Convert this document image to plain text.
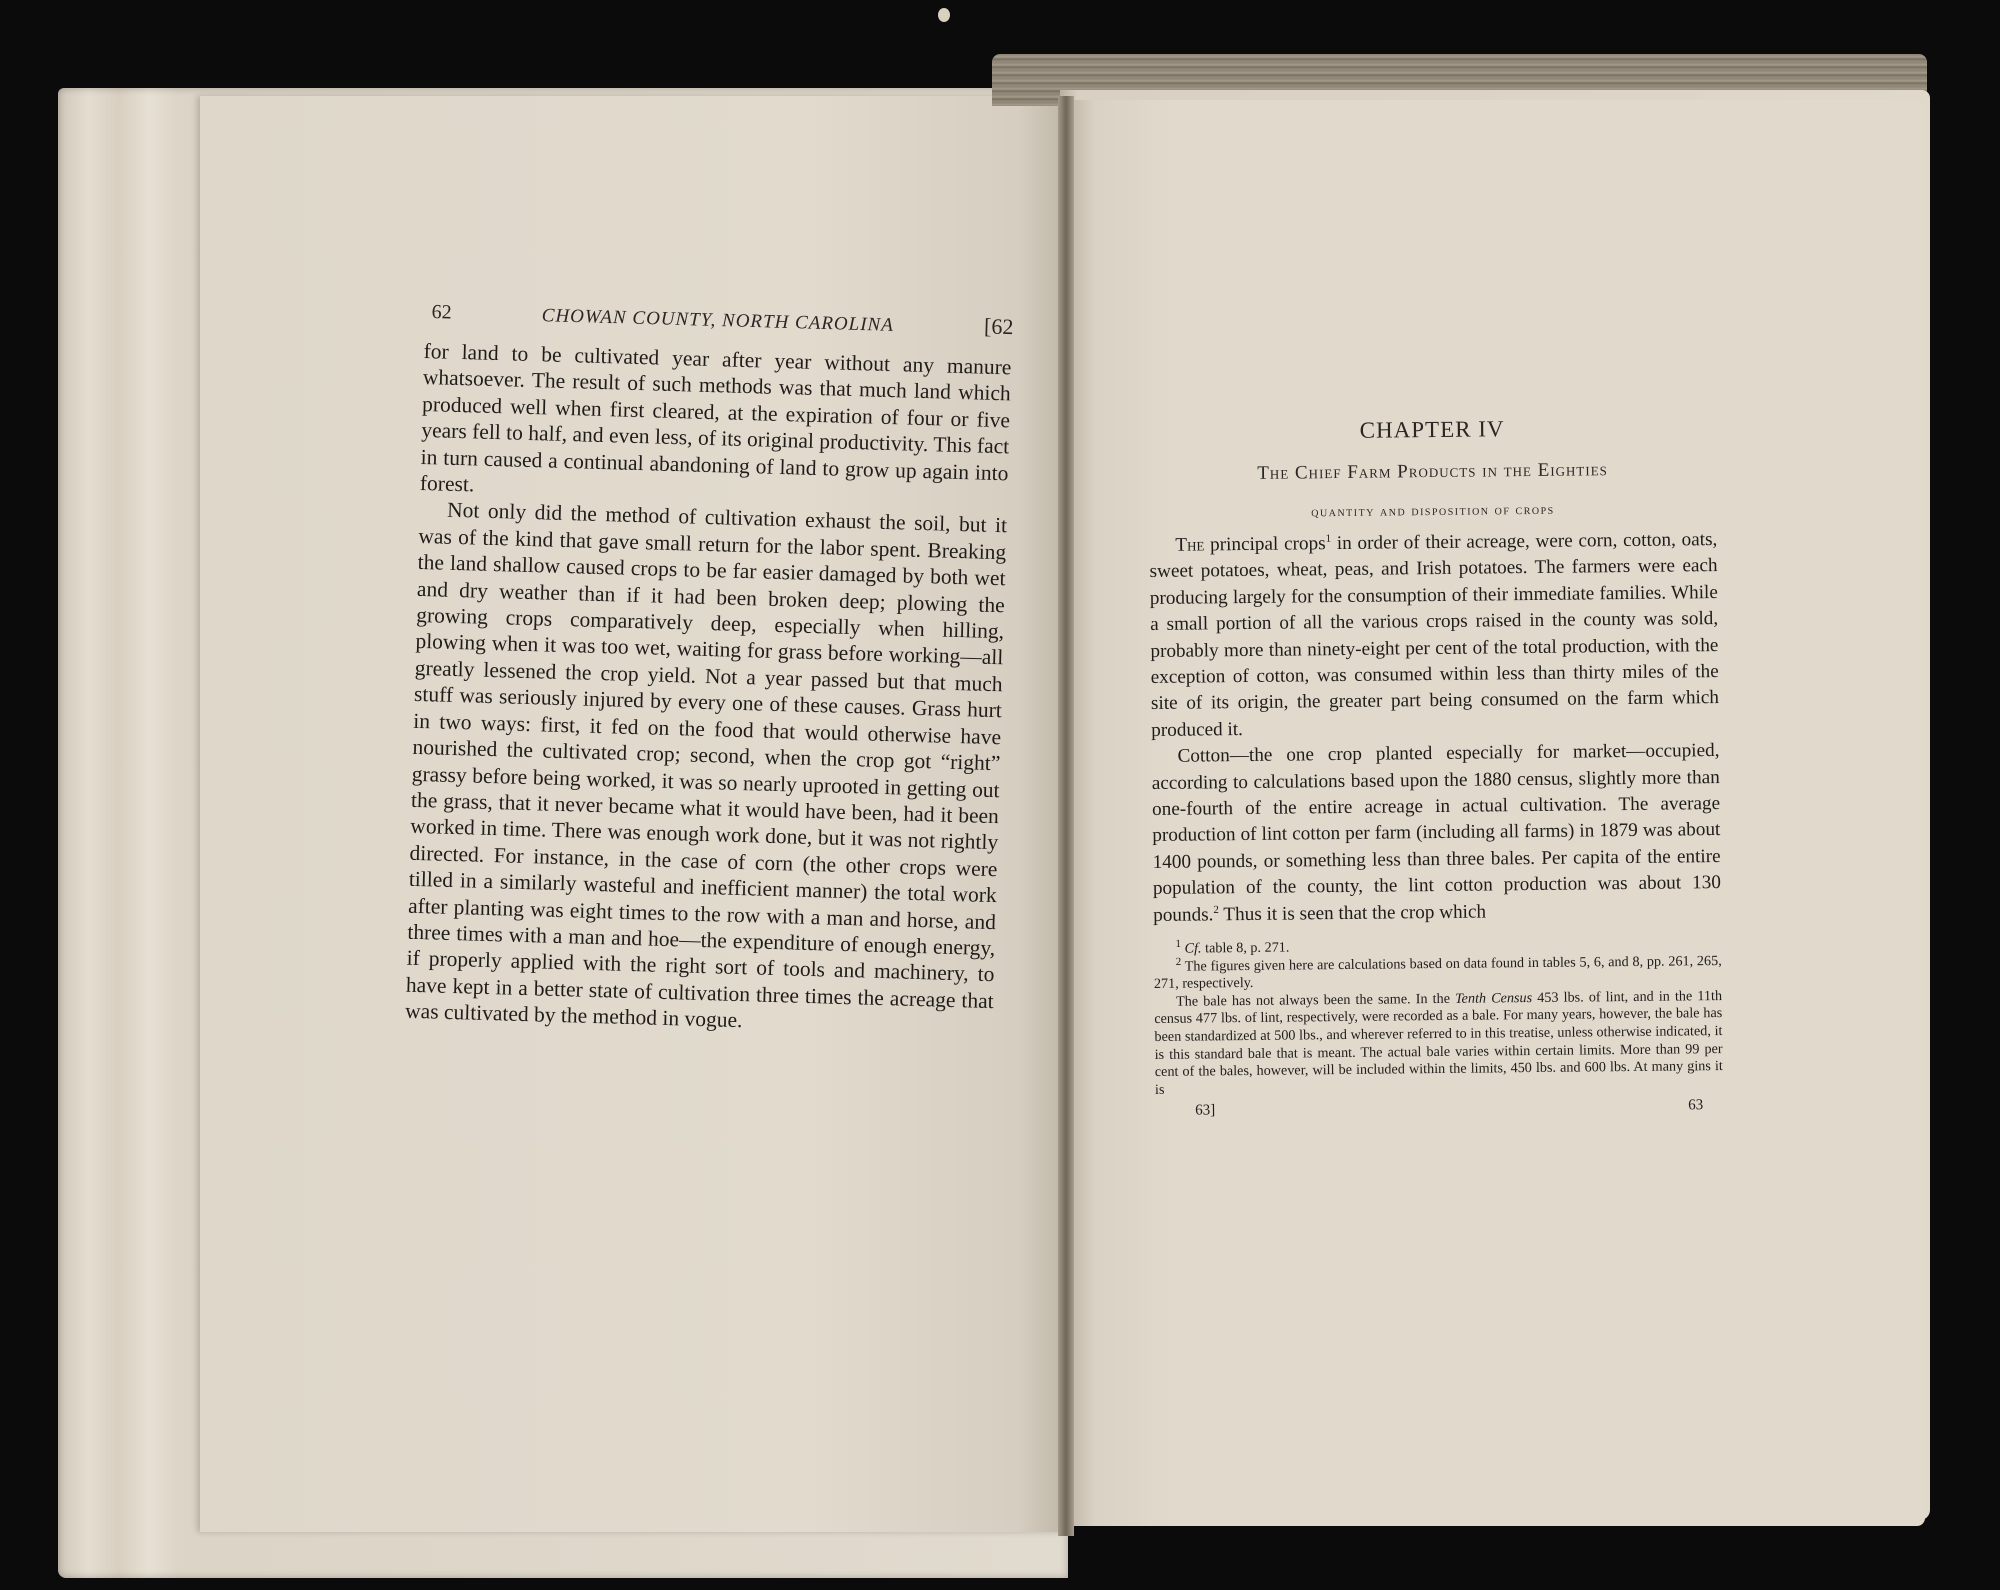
62	CHOWAN COUNTY, NORTH CAROLINA	[62

for land to be cultivated year after year without any manure whatsoever. The result of such methods was that much land which produced well when first cleared, at the expiration of four or five years fell to half, and even less, of its original productivity. This fact in turn caused a continual abandoning of land to grow up again into forest.

Not only did the method of cultivation exhaust the soil, but it was of the kind that gave small return for the labor spent. Breaking the land shallow caused crops to be far easier damaged by both wet and dry weather than if it had been broken deep; plowing the growing crops comparatively deep, especially when hilling, plowing when it was too wet, waiting for grass before working—all greatly lessened the crop yield. Not a year passed but that much stuff was seriously injured by every one of these causes. Grass hurt in two ways: first, it fed on the food that would otherwise have nourished the cultivated crop; second, when the crop got “right” grassy before being worked, it was so nearly uprooted in getting out the grass, that it never became what it would have been, had it been worked in time. There was enough work done, but it was not rightly directed. For instance, in the case of corn (the other crops were tilled in a similarly wasteful and inefficient manner) the total work after planting was eight times to the row with a man and horse, and three times with a man and hoe—the expenditure of enough energy, if properly applied with the right sort of tools and machinery, to have kept in a better state of cultivation three times the acreage that was cultivated by the method in vogue.

CHAPTER IV
The Chief Farm Products in the Eighties
quantity and disposition of crops

The principal crops$^1$ in order of their acreage, were corn, cotton, oats, sweet potatoes, wheat, peas, and Irish potatoes. The farmers were each producing largely for the consumption of their immediate families. While a small portion of all the various crops raised in the county was sold, probably more than ninety-eight per cent of the total production, with the exception of cotton, was consumed within less than thirty miles of the site of its origin, the greater part being consumed on the farm which produced it.

Cotton—the one crop planted especially for market—occupied, according to calculations based upon the 1880 census, slightly more than one-fourth of the entire acreage in actual cultivation. The average production of lint cotton per farm (including all farms) in 1879 was about 1400 pounds, or something less than three bales. Per capita of the entire population of the county, the lint cotton production was about 130 pounds.$^2$ Thus it is seen that the crop which

$^1$ Cf. table 8, p. 271.

$^2$ The figures given here are calculations based on data found in tables 5, 6, and 8, pp. 261, 265, 271, respectively.

The bale has not always been the same. In the Tenth Census 453 lbs. of lint, and in the 11th census 477 lbs. of lint, respectively, were recorded as a bale. For many years, however, the bale has been standardized at 500 lbs., and wherever referred to in this treatise, unless otherwise indicated, it is this standard bale that is meant. The actual bale varies within certain limits. More than 99 per cent of the bales, however, will be included within the limits, 450 lbs. and 600 lbs. At many gins it is

63]	63
